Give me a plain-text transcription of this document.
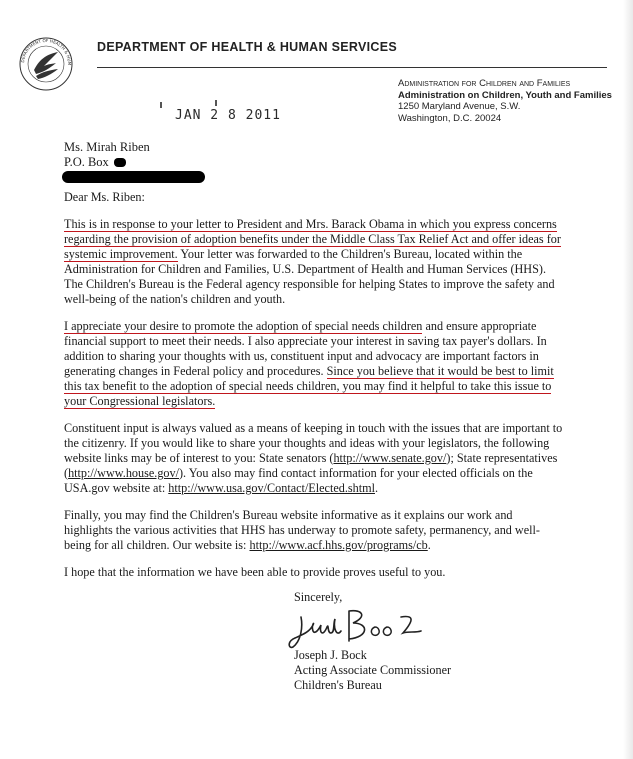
DEPARTMENT OF HEALTH & HUM
DEPARTMENT OF HEALTH & HUMAN SERVICES
Administration for Children and Families
Administration on Children, Youth and Families
1250 Maryland Avenue, S.W.
Washington, D.C. 20024
JAN 2 8 2011
Ms. Mirah Riben
P.O. Box
Dear Ms. Riben:

This is in response to your letter to President and Mrs. Barack Obama in which you express concerns regarding the provision of adoption benefits under the Middle Class Tax Relief Act and offer ideas for systemic improvement. Your letter was forwarded to the Children's Bureau, located within the Administration for Children and Families, U.S. Department of Health and Human Services (HHS). The Children's Bureau is the Federal agency responsible for helping States to improve the safety and well-being of the nation's children and youth.

I appreciate your desire to promote the adoption of special needs children and ensure appropriate financial support to meet their needs. I also appreciate your interest in saving tax payer's dollars. In addition to sharing your thoughts with us, constituent input and advocacy are important factors in generating changes in Federal policy and procedures. Since you believe that it would be best to limit this tax benefit to the adoption of special needs children, you may find it helpful to take this issue to your Congressional legislators.

Constituent input is always valued as a means of keeping in touch with the issues that are important to the citizenry. If you would like to share your thoughts and ideas with your legislators, the following website links may be of interest to you: State senators (http://www.senate.gov/); State representatives (http://www.house.gov/). You also may find contact information for your elected officials on the USA.gov website at: http://www.usa.gov/Contact/Elected.shtml.

Finally, you may find the Children's Bureau website informative as it explains our work and highlights the various activities that HHS has underway to promote safety, permanency, and well-being for all children. Our website is: http://www.acf.hhs.gov/programs/cb.

I hope that the information we have been able to provide proves useful to you.

Sincerely,
Joseph J. Bock
Acting Associate Commissioner
Children's Bureau
